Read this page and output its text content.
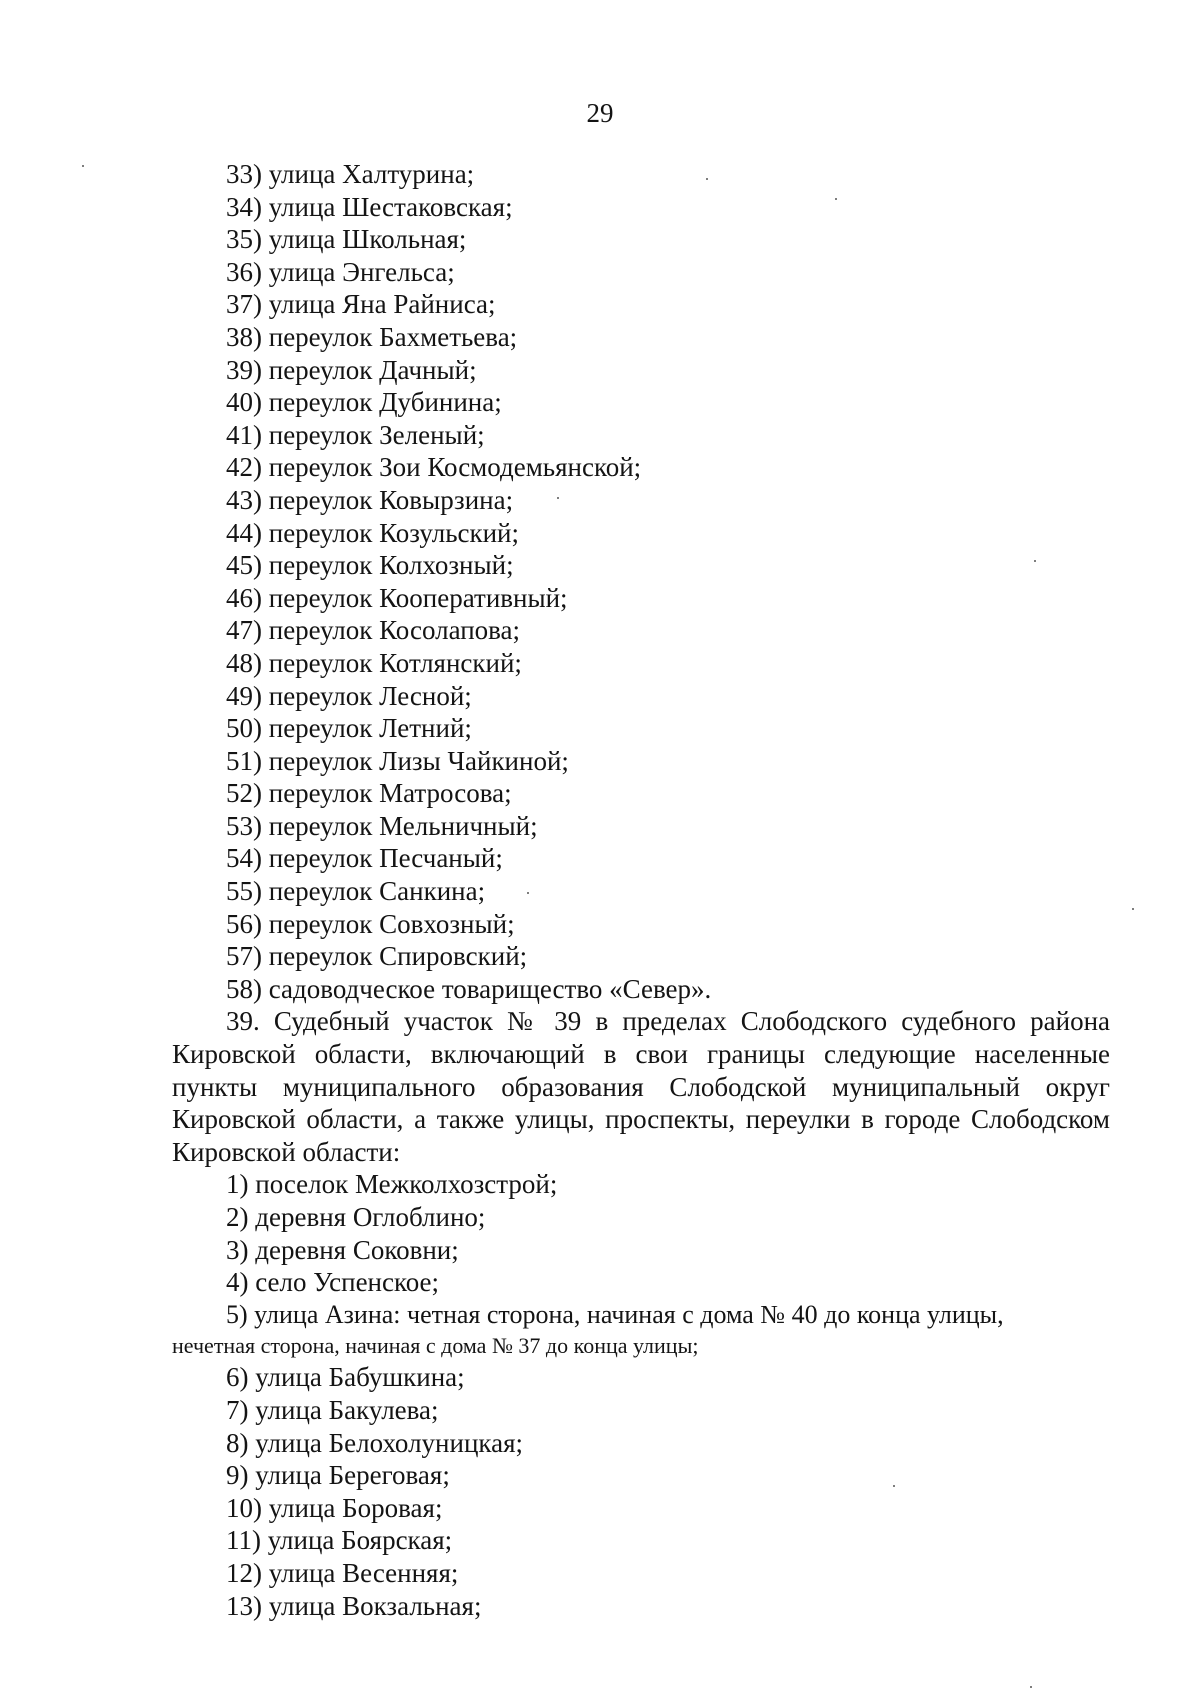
29

33) улица Халтурина;

34) улица Шестаковская;

35) улица Школьная;

36) улица Энгельса;

37) улица Яна Райниса;

38) переулок Бахметьева;

39) переулок Дачный;

40) переулок Дубинина;

41) переулок Зеленый;

42) переулок Зои Космодемьянской;

43) переулок Ковырзина;

44) переулок Козульский;

45) переулок Колхозный;

46) переулок Кооперативный;

47) переулок Косолапова;

48) переулок Котлянский;

49) переулок Лесной;

50) переулок Летний;

51) переулок Лизы Чайкиной;

52) переулок Матросова;

53) переулок Мельничный;

54) переулок Песчаный;

55) переулок Санкина;

56) переулок Совхозный;

57) переулок Спировский;

58) садоводческое товарищество «Север».

39. Судебный участок № 39 в пределах Слободского судебного района Кировской области, включающий в свои границы следующие населенные пункты муниципального образования Слободской муниципальный округ Кировской области, а также улицы, проспекты, переулки в городе Слободском Кировской области:

1) поселок Межколхозстрой;

2) деревня Оглоблино;

3) деревня Соковни;

4) село Успенское;

5) улица Азина: четная сторона, начиная с дома № 40 до конца улицы,
нечетная сторона, начиная с дома № 37 до конца улицы;

6) улица Бабушкина;

7) улица Бакулева;

8) улица Белохолуницкая;

9) улица Береговая;

10) улица Боровая;

11) улица Боярская;

12) улица Весенняя;

13) улица Вокзальная;
